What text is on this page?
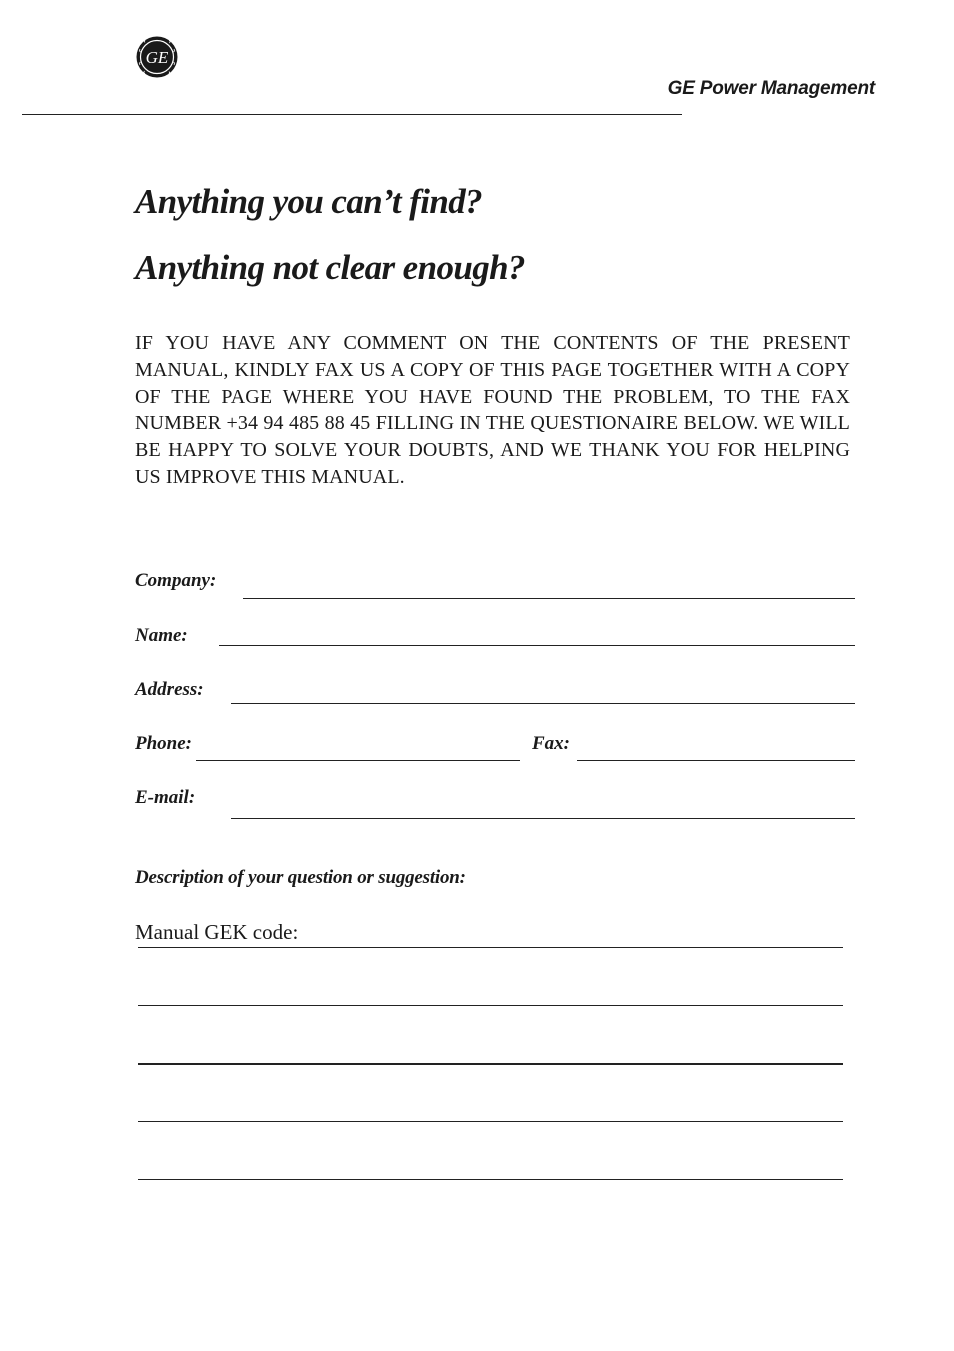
GE
GE Power Management
Anything you can’t find?
Anything not clear enough?

IF YOU HAVE ANY COMMENT ON THE CONTENTS OF THE PRESENT MANUAL, KINDLY FAX US A COPY OF THIS PAGE TOGETHER WITH A COPY OF THE PAGE WHERE YOU HAVE FOUND THE PROBLEM, TO THE FAX NUMBER +34 94 485 88 45 FILLING IN THE QUESTIONAIRE BELOW. WE WILL BE HAPPY TO SOLVE YOUR DOUBTS, AND WE THANK YOU FOR HELPING US IMPROVE THIS MANUAL.

Company:
Name:
Address:
Phone:	Fax:
E-mail:
Description of your question or suggestion:
Manual GEK code:
